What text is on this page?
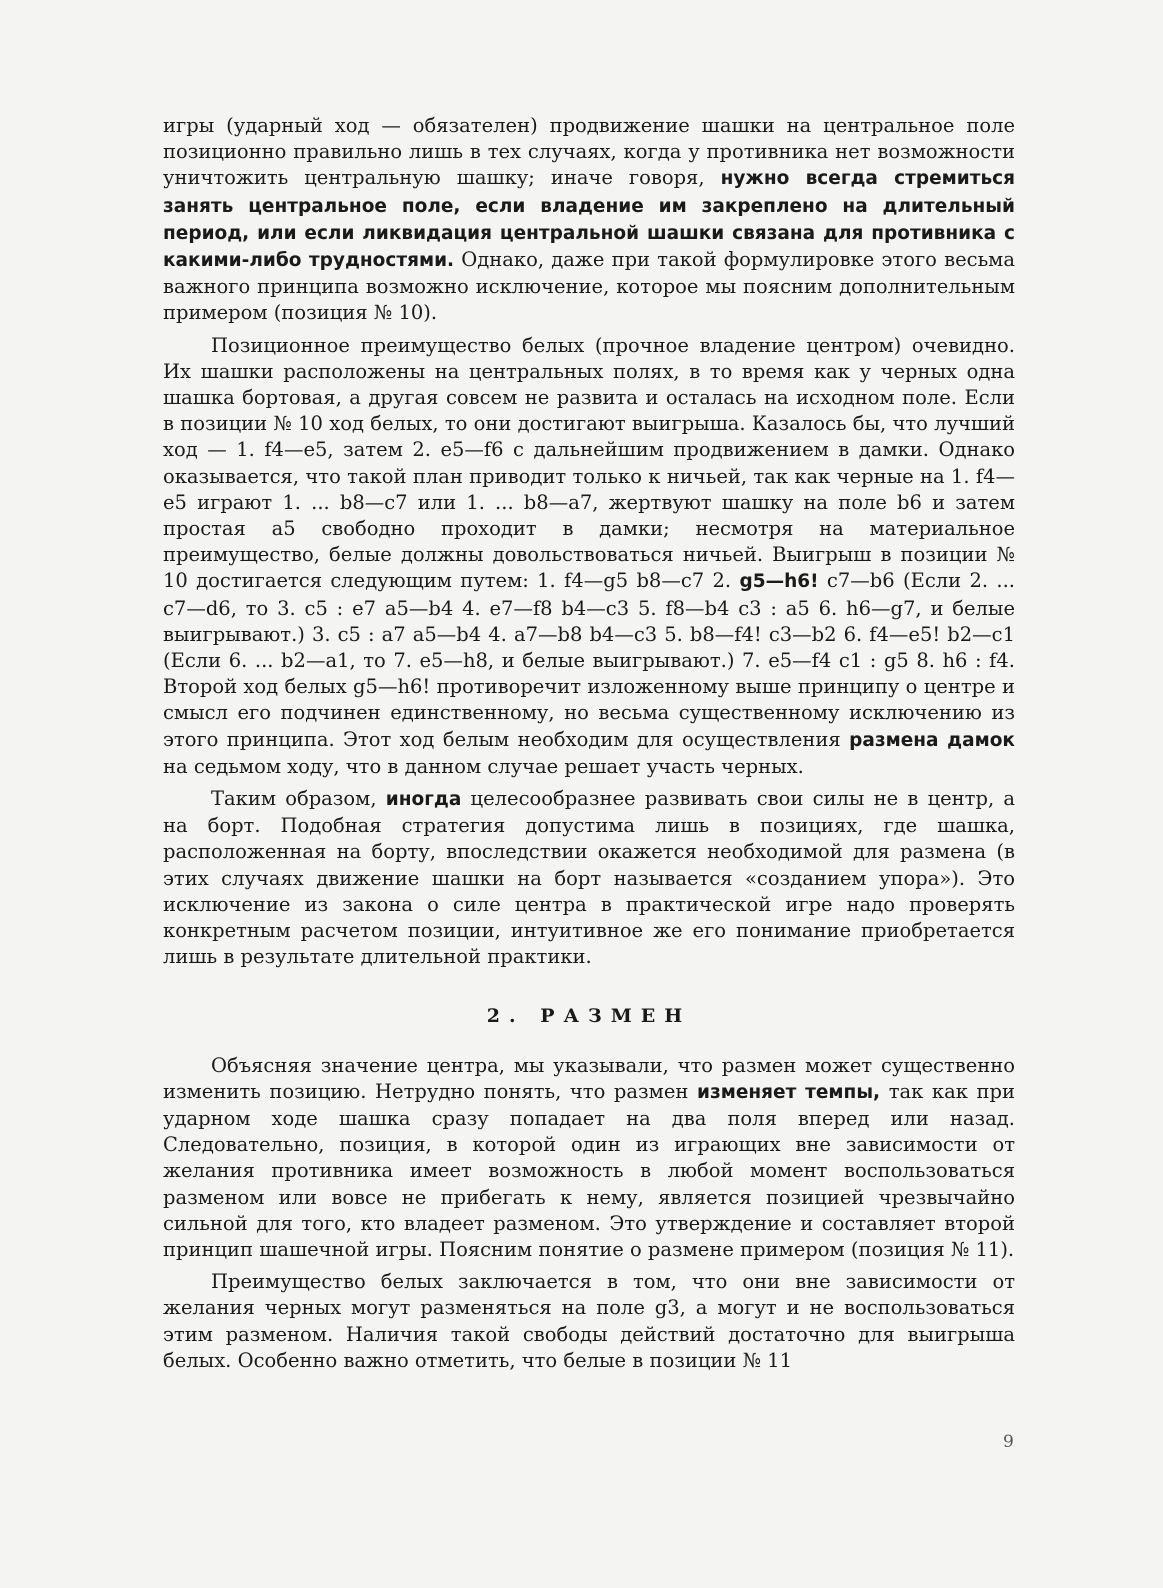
игры (ударный ход — обязателен) продвижение шашки на центральное поле позиционно правильно лишь в тех случаях, когда у противника нет возможности уничтожить центральную шашку; иначе говоря, нужно всегда стремиться занять центральное поле, если владение им закреплено на длительный период, или если ликвидация центральной шашки связана для противника с какими-либо трудностями. Однако, даже при такой формулировке этого весьма важного принципа возможно исключение, которое мы поясним дополнительным примером (позиция № 10).

Позиционное преимущество белых (прочное владение центром) очевидно. Их шашки расположены на центральных полях, в то время как у черных одна шашка бортовая, а другая совсем не развита и осталась на исходном поле. Если в позиции № 10 ход белых, то они достигают выигрыша. Казалось бы, что лучший ход — 1. f4—e5, затем 2. e5—f6 с дальнейшим продвижением в дамки. Однако оказывается, что такой план приводит только к ничьей, так как черные на 1. f4—e5 играют 1. ... b8—c7 или 1. ... b8—a7, жертвуют шашку на поле b6 и затем простая a5 свободно проходит в дамки; несмотря на материальное преимущество, белые должны довольствоваться ничьей. Выигрыш в позиции № 10 достигается следующим путем: 1. f4—g5 b8—c7 2. g5—h6! c7—b6 (Если 2. ... c7—d6, то 3. c5 : e7 a5—b4 4. e7—f8 b4—c3 5. f8—b4 c3 : a5 6. h6—g7, и белые выигрывают.) 3. c5 : a7 a5—b4 4. a7—b8 b4—c3 5. b8—f4! c3—b2 6. f4—e5! b2—c1 (Если 6. ... b2—a1, то 7. e5—h8, и белые выигрывают.) 7. e5—f4 c1 : g5 8. h6 : f4. Второй ход белых g5—h6! противоречит изложенному выше принципу о центре и смысл его подчинен единственному, но весьма существенному исключению из этого принципа. Этот ход белым необходим для осуществления размена дамок на седьмом ходу, что в данном случае решает участь черных.

Таким образом, иногда целесообразнее развивать свои силы не в центр, а на борт. Подобная стратегия допустима лишь в позициях, где шашка, расположенная на борту, впоследствии окажется необходимой для размена (в этих случаях движение шашки на борт называется «созданием упора»). Это исключение из закона о силе центра в практической игре надо проверять конкретным расчетом позиции, интуитивное же его понимание приобретается лишь в результате длительной практики.

2. РАЗМЕН

Объясняя значение центра, мы указывали, что размен может существенно изменить позицию. Нетрудно понять, что размен изменяет темпы, так как при ударном ходе шашка сразу попадает на два поля вперед или назад. Следовательно, позиция, в которой один из играющих вне зависимости от желания противника имеет возможность в любой момент воспользоваться разменом или вовсе не прибегать к нему, является позицией чрезвычайно сильной для того, кто владеет разменом. Это утверждение и составляет второй принцип шашечной игры. Поясним понятие о размене примером (позиция № 11).

Преимущество белых заключается в том, что они вне зависимости от желания черных могут разменяться на поле g3, а могут и не воспользоваться этим разменом. Наличия такой свободы действий достаточно для выигрыша белых. Особенно важно отметить, что белые в позиции № 11

9
